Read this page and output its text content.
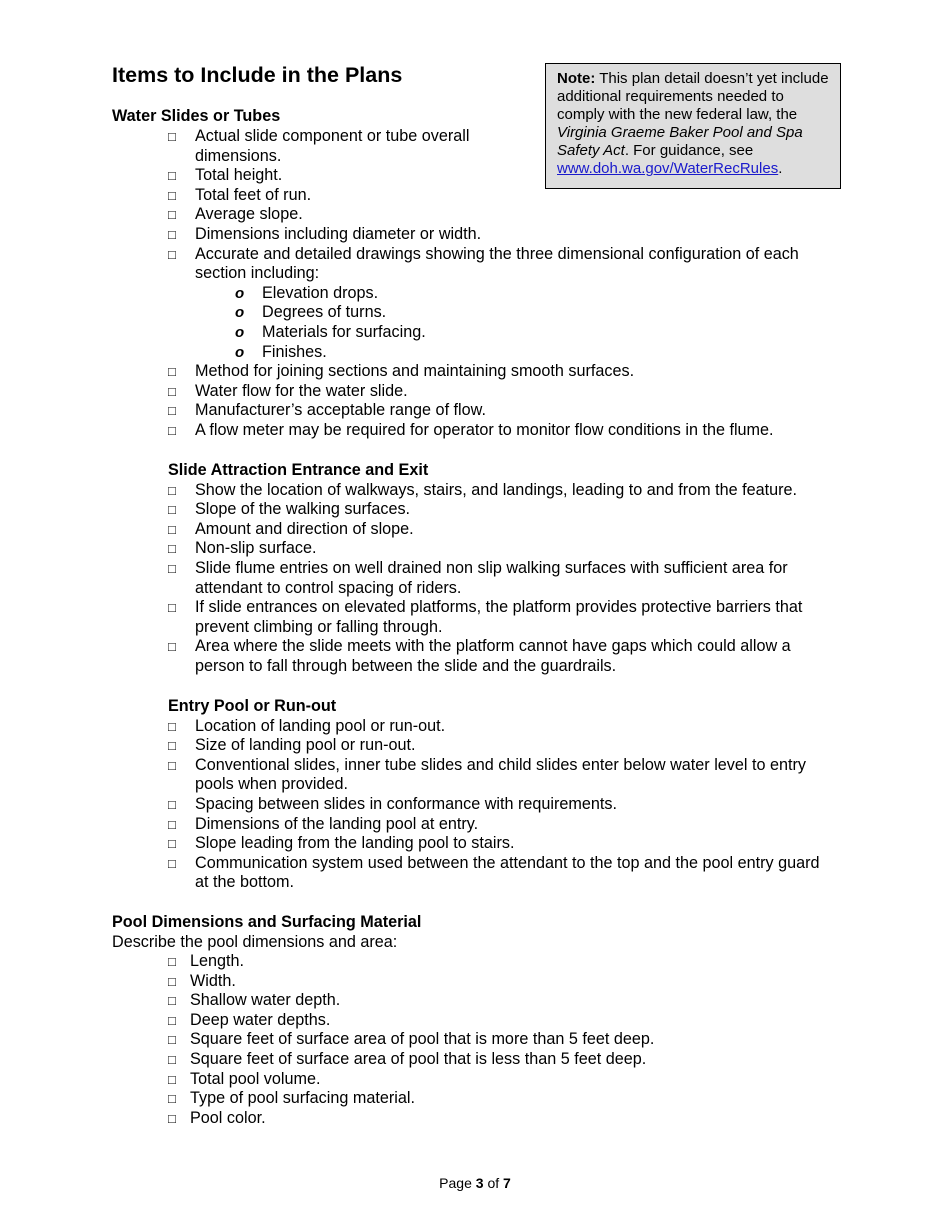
Items to Include in the Plans	Note: This plan detail doesn’t yet include additional requirements needed to comply with the new federal law, the Virginia Graeme Baker Pool and Spa Safety Act. For guidance, see www.doh.wa.gov/WaterRecRules.

Water Slides or Tubes

□	Actual slide component or tube overall dimensions.
□	Total height.
□	Total feet of run.
□	Average slope.
□	Dimensions including diameter or width.
□	Accurate and detailed drawings showing the three dimensional configuration of each section including:
o Elevation drops.
o Degrees of turns.
o Materials for surfacing.
o Finishes.
□	Method for joining sections and maintaining smooth surfaces.
□	Water flow for the water slide.
□	Manufacturer’s acceptable range of flow.
□	A flow meter may be required for operator to monitor flow conditions in the flume.

Slide Attraction Entrance and Exit

□	Show the location of walkways, stairs, and landings, leading to and from the feature.
□	Slope of the walking surfaces.
□	Amount and direction of slope.
□	Non-slip surface.
□	Slide flume entries on well drained non slip walking surfaces with sufficient area for attendant to control spacing of riders.
□	If slide entrances on elevated platforms, the platform provides protective barriers that prevent climbing or falling through.
□	Area where the slide meets with the platform cannot have gaps which could allow a person to fall through between the slide and the guardrails.

Entry Pool or Run-out

□	Location of landing pool or run-out.
□	Size of landing pool or run-out.
□	Conventional slides, inner tube slides and child slides enter below water level to entry pools when provided.
□	Spacing between slides in conformance with requirements.
□	Dimensions of the landing pool at entry.
□	Slope leading from the landing pool to stairs.
□	Communication system used between the attendant to the top and the pool entry guard at the bottom.

Pool Dimensions and Surfacing Material

Describe the pool dimensions and area:

□ Length.
□ Width.
□ Shallow water depth.
□ Deep water depths.
□ Square feet of surface area of pool that is more than 5 feet deep.
□ Square feet of surface area of pool that is less than 5 feet deep.
□ Total pool volume.
□ Type of pool surfacing material.
□ Pool color.
Page 3 of 7
